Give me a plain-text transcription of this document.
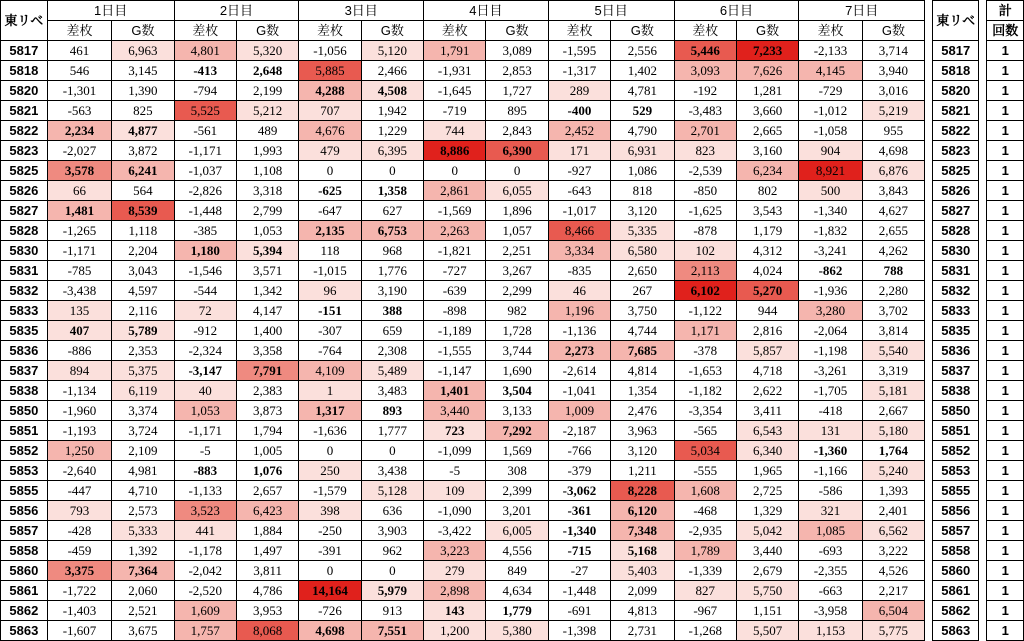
東リベ	1日目		2日目		3日目		4日目		5日目		6日目		7日目			東リベ		計
	差枚	G数	差枚	G数	差枚	G数	差枚	G数	差枚	G数	差枚	G数	差枚	G数				回数
5817	461	6,963	4,801	5,320	-1,056	5,120	1,791	3,089	-1,595	2,556	5,446	7,233	-2,133	3,714		5817		1
5818	546	3,145	-413	2,648	5,885	2,466	-1,931	2,853	-1,317	1,402	3,093	7,626	4,145	3,940		5818		1
5820	-1,301	1,390	-794	2,199	4,288	4,508	-1,645	1,727	289	4,781	-192	1,281	-729	3,016		5820		1
5821	-563	825	5,525	5,212	707	1,942	-719	895	-400	529	-3,483	3,660	-1,012	5,219		5821		1
5822	2,234	4,877	-561	489	4,676	1,229	744	2,843	2,452	4,790	2,701	2,665	-1,058	955		5822		1
5823	-2,027	3,872	-1,171	1,993	479	6,395	8,886	6,390	171	6,931	823	3,160	904	4,698		5823		1
5825	3,578	6,241	-1,037	1,108	0	0	0	0	-927	1,086	-2,539	6,234	8,921	6,876		5825		1
5826	66	564	-2,826	3,318	-625	1,358	2,861	6,055	-643	818	-850	802	500	3,843		5826		1
5827	1,481	8,539	-1,448	2,799	-647	627	-1,569	1,896	-1,017	3,120	-1,625	3,543	-1,340	4,627		5827		1
5828	-1,265	1,118	-385	1,053	2,135	6,753	2,263	1,057	8,466	5,335	-878	1,179	-1,832	2,655		5828		1
5830	-1,171	2,204	1,180	5,394	118	968	-1,821	2,251	3,334	6,580	102	4,312	-3,241	4,262		5830		1
5831	-785	3,043	-1,546	3,571	-1,015	1,776	-727	3,267	-835	2,650	2,113	4,024	-862	788		5831		1
5832	-3,438	4,597	-544	1,342	96	3,190	-639	2,299	46	267	6,102	5,270	-1,936	2,280		5832		1
5833	135	2,116	72	4,147	-151	388	-898	982	1,196	3,750	-1,122	944	3,280	3,702		5833		1
5835	407	5,789	-912	1,400	-307	659	-1,189	1,728	-1,136	4,744	1,171	2,816	-2,064	3,814		5835		1
5836	-886	2,353	-2,324	3,358	-764	2,308	-1,555	3,744	2,273	7,685	-378	5,857	-1,198	5,540		5836		1
5837	894	5,375	-3,147	7,791	4,109	5,489	-1,147	1,690	-2,614	4,814	-1,653	4,718	-3,261	3,319		5837		1
5838	-1,134	6,119	40	2,383	1	3,483	1,401	3,504	-1,041	1,354	-1,182	2,622	-1,705	5,181		5838		1
5850	-1,960	3,374	1,053	3,873	1,317	893	3,440	3,133	1,009	2,476	-3,354	3,411	-418	2,667		5850		1
5851	-1,193	3,724	-1,171	1,794	-1,636	1,777	723	7,292	-2,187	3,963	-565	6,543	131	5,180		5851		1
5852	1,250	2,109	-5	1,005	0	0	-1,099	1,569	-766	3,120	5,034	6,340	-1,360	1,764		5852		1
5853	-2,640	4,981	-883	1,076	250	3,438	-5	308	-379	1,211	-555	1,965	-1,166	5,240		5853		1
5855	-447	4,710	-1,133	2,657	-1,579	5,128	109	2,399	-3,062	8,228	1,608	2,725	-586	1,393		5855		1
5856	793	2,573	3,523	6,423	398	636	-1,090	3,201	-361	6,120	-468	1,329	321	2,401		5856		1
5857	-428	5,333	441	1,884	-250	3,903	-3,422	6,005	-1,340	7,348	-2,935	5,042	1,085	6,562		5857		1
5858	-459	1,392	-1,178	1,497	-391	962	3,223	4,556	-715	5,168	1,789	3,440	-693	3,222		5858		1
5860	3,375	7,364	-2,042	3,811	0	0	279	849	-27	5,403	-1,339	2,679	-2,355	4,526		5860		1
5861	-1,722	2,060	-2,520	4,786	14,164	5,979	2,898	4,634	-1,448	2,099	827	5,750	-663	2,217		5861		1
5862	-1,403	2,521	1,609	3,953	-726	913	143	1,779	-691	4,813	-967	1,151	-3,958	6,504		5862		1
5863	-1,607	3,675	1,757	8,068	4,698	7,551	1,200	5,380	-1,398	2,731	-1,268	5,507	1,153	5,775		5863		1
